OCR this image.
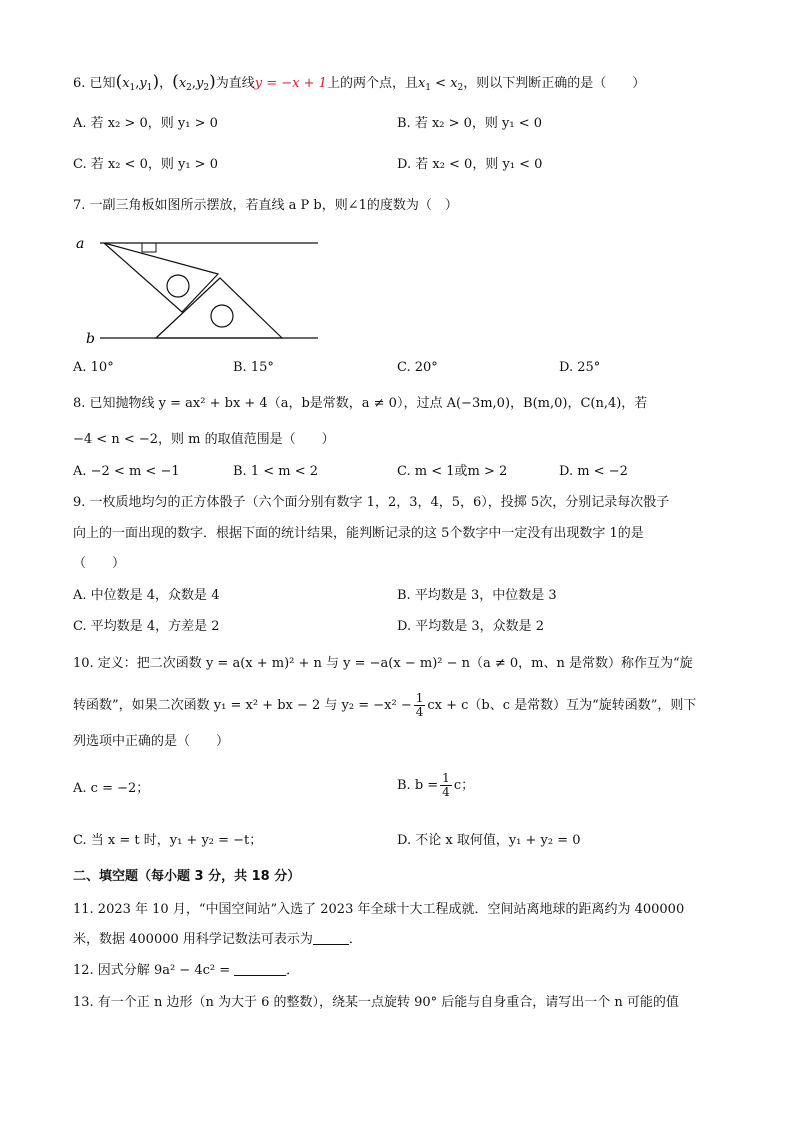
6. 已知$(x_1,y_1)$，$(x_2,y_2)$为直线y = −x + 1上的两个点，且$x_1 < x_2$，则以下判断正确的是（　　）
A. 若 x₂ > 0，则 y₁ > 0	B. 若 x₂ > 0，则 y₁ < 0
C. 若 x₂ < 0，则 y₁ > 0	D. 若 x₂ < 0，则 y₁ < 0
7. 一副三角板如图所示摆放，若直线 a P b，则∠1的度数为（　）
a
b
A. 10°	B. 15°	C. 20°	D. 25°
8. 已知抛物线 y = ax² + bx + 4（a，b是常数，a ≠ 0），过点 A(−3m,0)，B(m,0)，C(n,4)，若
−4 < n < −2，则 m 的取值范围是（　　）
A. −2 < m < −1	B. 1 < m < 2	C. m < 1或m > 2	D. m < −2
9. 一枚质地均匀的正方体骰子（六个面分别有数字 1，2，3，4，5，6），投掷 5次，分别记录每次骰子
向上的一面出现的数字．根据下面的统计结果，能判断记录的这 5个数字中一定没有出现数字 1的是
（　　）
A. 中位数是 4，众数是 4	B. 平均数是 3，中位数是 3
C. 平均数是 4，方差是 2	D. 平均数是 3，众数是 2
10. 定义：把二次函数 y = a(x + m)² + n 与 y = −a(x − m)² − n（a ≠ 0，m、n 是常数）称作互为“旋
转函数”，如果二次函数 y₁ = x² + bx − 2 与 $y_2 = -x^2 - \frac{1}{4}$ cx + c（b、c 是常数）互为“旋转函数”，则下
列选项中正确的是（　　）
A. c = −2；	B. $b = \frac{1}{4}$ c；
C. 当 x = t 时，y₁ + y₂ = −t；	D. 不论 x 取何值，y₁ + y₂ = 0
二、填空题（每小题 3 分，共 18 分）
11. 2023 年 10 月，“中国空间站”入选了 2023 年全球十大工程成就．空间站离地球的距离约为 400000
米，数据 400000 用科学记数法可表示为	．
12. 因式分解 9a² − 4c² =	．
13. 有一个正 n 边形（n 为大于 6 的整数），绕某一点旋转 90° 后能与自身重合，请写出一个 n 可能的值
